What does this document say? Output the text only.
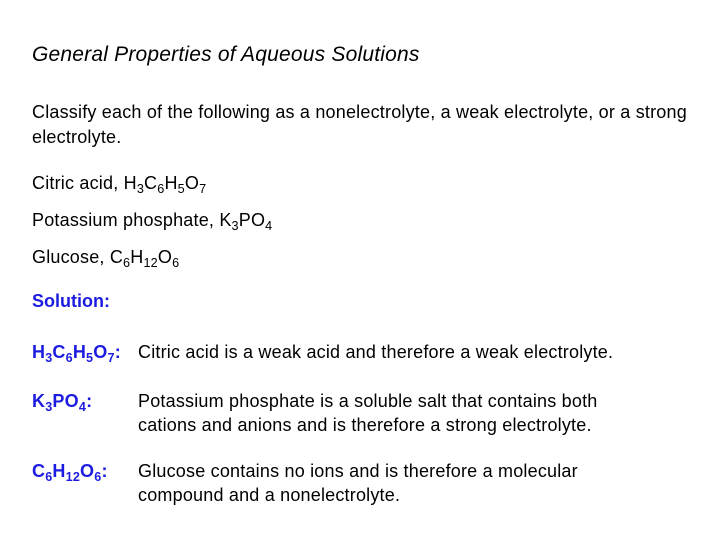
General Properties of Aqueous Solutions
Classify each of the following as a nonelectrolyte, a weak electrolyte, or a strong electrolyte.
Citric acid, $H_3C_6H_5O_7$
Potassium phosphate, $K_3PO_4$
Glucose, $C_6H_{12}O_6$
Solution:
$H_3C_6H_5O_7$: Citric acid is a weak acid and therefore a weak electrolyte.
$K_3PO_4$:	Potassium phosphate is a soluble salt that contains both cations and anions and is therefore a strong electrolyte.
$C_6H_{12}O_6$: Glucose contains no ions and is therefore a molecular compound and a nonelectrolyte.
